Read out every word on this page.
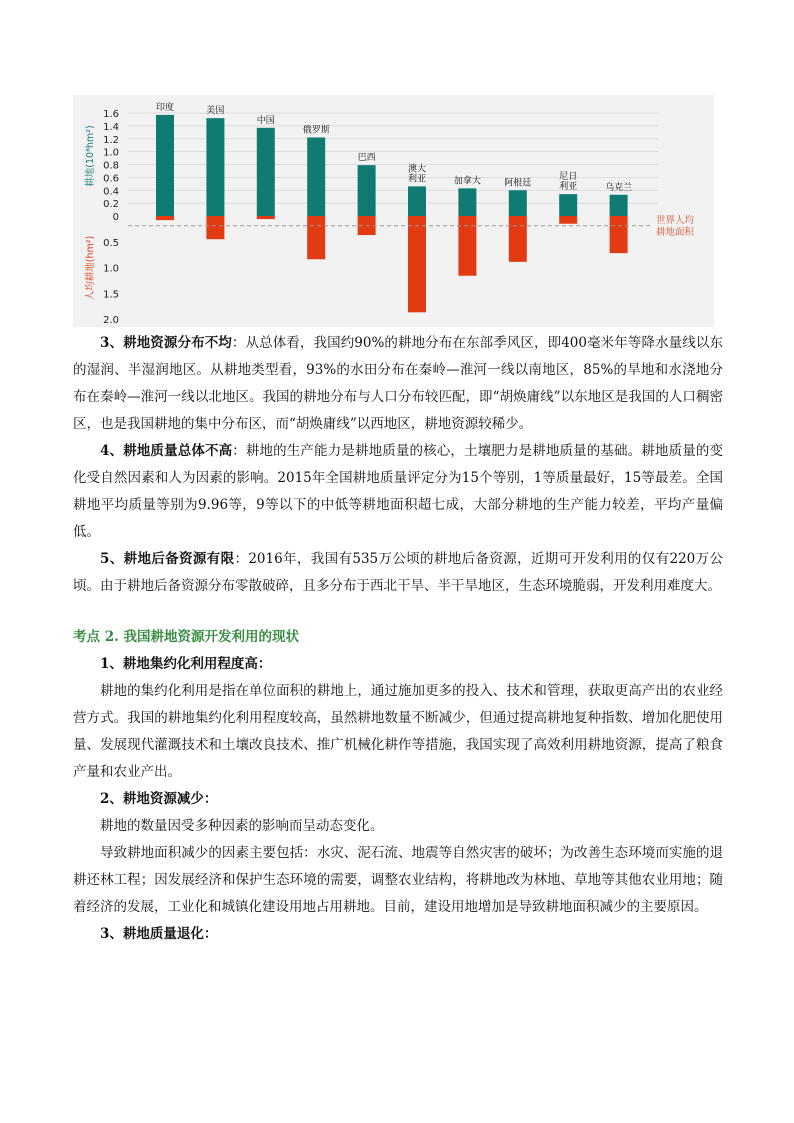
1.6
1.4
1.2
1.0
0.8
0.6
0.4
0.2
0
0.5
1.0
1.5
2.0
耕地(10⁸hm²)
人均耕地(hm²)
印度	美国
中国
俄罗斯
巴西
澳大
利亚	加拿大	阿根廷
尼日
利亚	乌克兰
世界人均
耕地面积

3、耕地资源分布不均：从总体看，我国约90%的耕地分布在东部季风区，即400毫米年等降水量线以东的湿润、半湿润地区。从耕地类型看，93%的水田分布在秦岭—淮河一线以南地区，85%的旱地和水浇地分布在秦岭—淮河一线以北地区。我国的耕地分布与人口分布较匹配，即“胡焕庸线”以东地区是我国的人口稠密区，也是我国耕地的集中分布区，而“胡焕庸线”以西地区，耕地资源较稀少。

4、耕地质量总体不高：耕地的生产能力是耕地质量的核心，土壤肥力是耕地质量的基础。耕地质量的变化受自然因素和人为因素的影响。2015年全国耕地质量评定分为15个等别，1等质量最好，15等最差。全国耕地平均质量等别为9.96等，9等以下的中低等耕地面积超七成，大部分耕地的生产能力较差，平均产量偏低。

5、耕地后备资源有限：2016年，我国有535万公顷的耕地后备资源，近期可开发利用的仅有220万公顷。由于耕地后备资源分布零散破碎，且多分布于西北干旱、半干旱地区，生态环境脆弱，开发利用难度大。

考点 2. 我国耕地资源开发利用的现状

1、耕地集约化利用程度高：

耕地的集约化利用是指在单位面积的耕地上，通过施加更多的投入、技术和管理，获取更高产出的农业经营方式。我国的耕地集约化利用程度较高，虽然耕地数量不断减少，但通过提高耕地复种指数、增加化肥使用量、发展现代灌溉技术和土壤改良技术、推广机械化耕作等措施，我国实现了高效利用耕地资源，提高了粮食产量和农业产出。

2、耕地资源减少：

耕地的数量因受多种因素的影响而呈动态变化。

导致耕地面积减少的因素主要包括：水灾、泥石流、地震等自然灾害的破坏；为改善生态环境而实施的退耕还林工程；因发展经济和保护生态环境的需要，调整农业结构，将耕地改为林地、草地等其他农业用地；随着经济的发展，工业化和城镇化建设用地占用耕地。目前，建设用地增加是导致耕地面积减少的主要原因。

3、耕地质量退化：
